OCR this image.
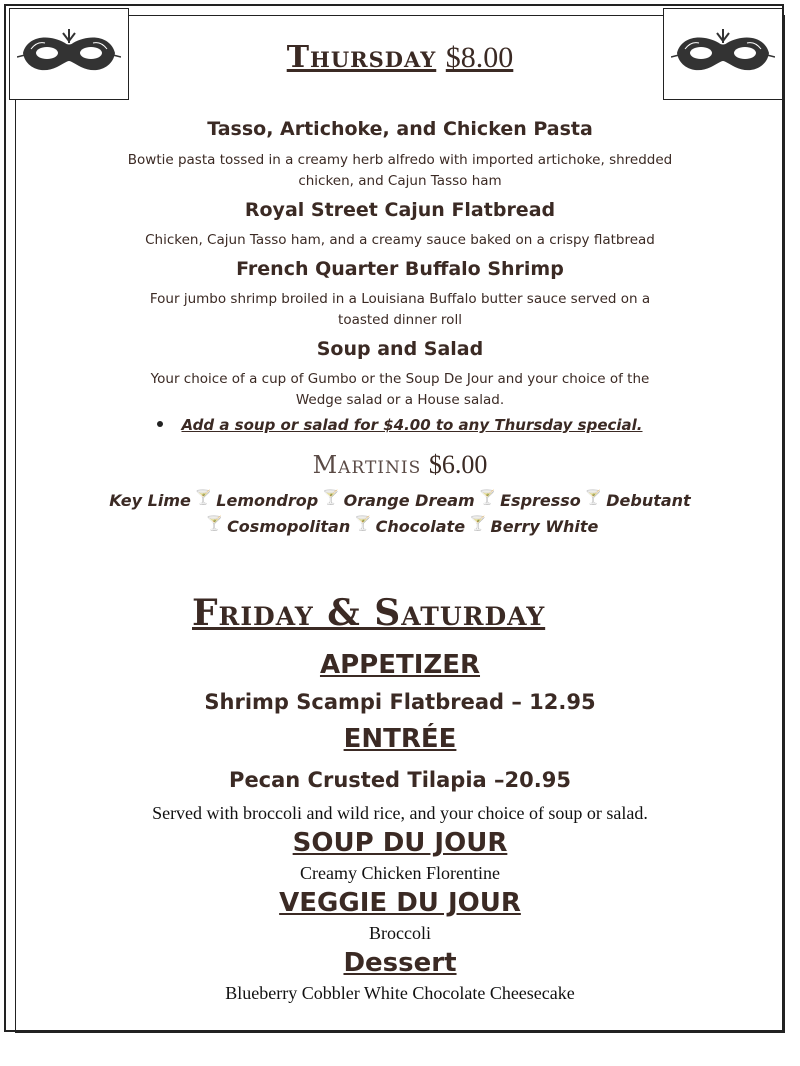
Thursday $8.00
Tasso, Artichoke, and Chicken Pasta
Bowtie pasta tossed in a creamy herb alfredo with imported artichoke, shredded
chicken, and Cajun Tasso ham
Royal Street Cajun Flatbread
Chicken, Cajun Tasso ham, and a creamy sauce baked on a crispy flatbread
French Quarter Buffalo Shrimp
Four jumbo shrimp broiled in a Louisiana Buffalo butter sauce served on a
toasted dinner roll
Soup and Salad
Your choice of a cup of Gumbo or the Soup De Jour and your choice of the
Wedge salad or a House salad.
Add a soup or salad for $4.00 to any Thursday special.
Martinis $6.00
Key Lime 🍸 Lemondrop 🍸 Orange Dream 🍸 Espresso 🍸 Debutant
🍸 Cosmopolitan 🍸 Chocolate 🍸 Berry White
Friday & Saturday
APPETIZER
Shrimp Scampi Flatbread – 12.95
ENTRÉE
Pecan Crusted Tilapia –20.95
Served with broccoli and wild rice, and your choice of soup or salad.
SOUP DU JOUR
Creamy Chicken Florentine
VEGGIE DU JOUR
Broccoli
Dessert
Blueberry Cobbler White Chocolate Cheesecake
